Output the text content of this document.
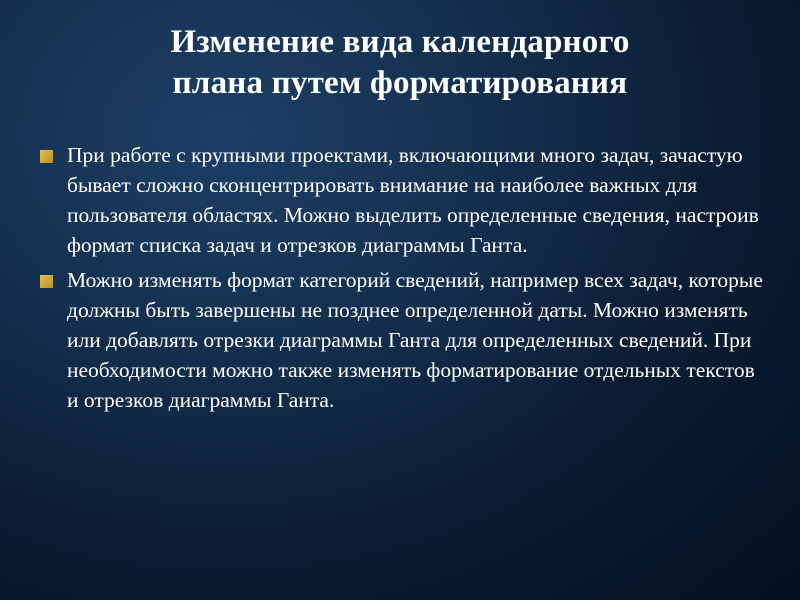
Изменение вида календарного
плана путем форматирования
При работе с крупными проектами, включающими много задач, зачастую бывает сложно сконцентрировать внимание на наиболее важных для пользователя областях. Можно выделить определенные сведения, настроив формат списка задач и отрезков диаграммы Ганта.
Можно изменять формат категорий сведений, например всех задач, которые должны быть завершены не позднее определенной даты. Можно изменять или добавлять отрезки диаграммы Ганта для определенных сведений. При необходимости можно также изменять форматирование отдельных текстов и отрезков диаграммы Ганта.
